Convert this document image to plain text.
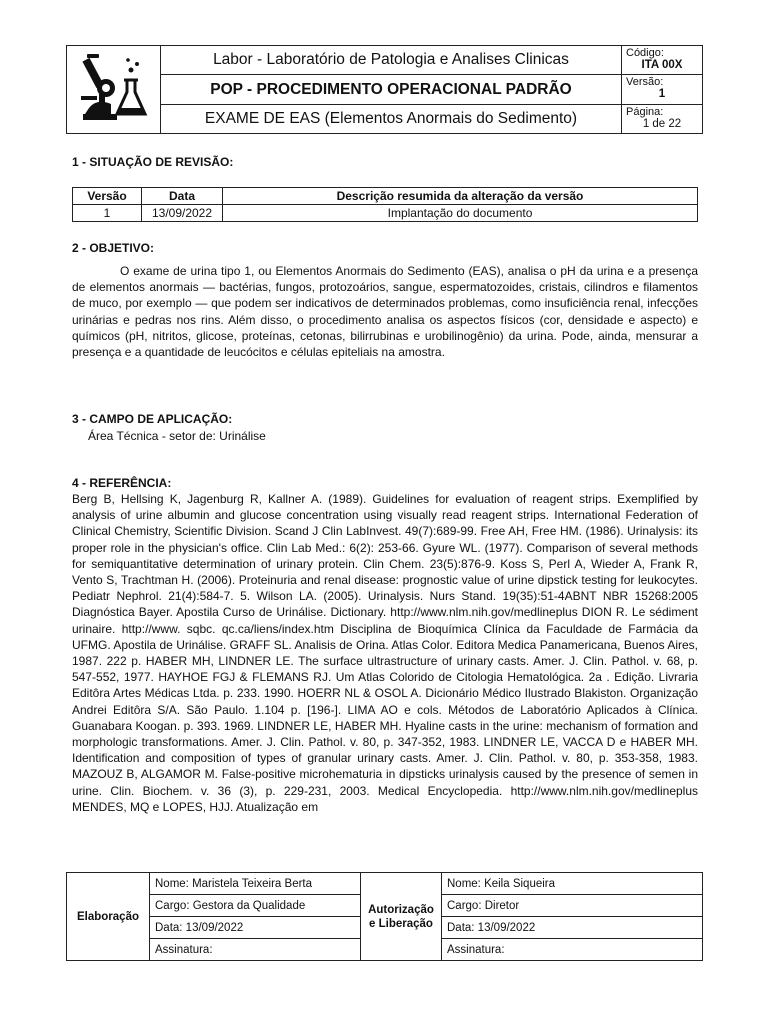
	Labor - Laboratório de Patologia e Analises Clinicas	Código:
ITA 00X

	POP - PROCEDIMENTO OPERACIONAL PADRÃO	Versão:
1

	EXAME DE EAS (Elementos Anormais do Sedimento)	Página:
1 de 22
1 - SITUAÇÃO DE REVISÃO:
Versão	Data	Descrição resumida da alteração da versão
1	13/09/2022	Implantação do documento
2 - OBJETIVO:
O exame de urina tipo 1, ou Elementos Anormais do Sedimento (EAS), analisa o pH da urina e a presença de elementos anormais — bactérias, fungos, protozoários, sangue, espermatozoides, cristais, cilindros e filamentos de muco, por exemplo — que podem ser indicativos de determinados problemas, como insuficiência renal, infecções urinárias e pedras nos rins. Além disso, o procedimento analisa os aspectos físicos (cor, densidade e aspecto) e químicos (pH, nitritos, glicose, proteínas, cetonas, bilirrubinas e urobilinogênio) da urina. Pode, ainda, mensurar a presença e a quantidade de leucócitos e células epiteliais na amostra.
3 - CAMPO DE APLICAÇÃO:
Área Técnica - setor de: Urinálise
4 - REFERÊNCIA:
Berg B, Hellsing K, Jagenburg R, Kallner A. (1989). Guidelines for evaluation of reagent strips. Exemplified by analysis of urine albumin and glucose concentration using visually read reagent strips. International Federation of Clinical Chemistry, Scientific Division. Scand J Clin LabInvest. 49(7):689-99. Free AH, Free HM. (1986). Urinalysis: its proper role in the physician's office. Clin Lab Med.: 6(2): 253-66. Gyure WL. (1977). Comparison of several methods for semiquantitative determination of urinary protein. Clin Chem. 23(5):876-9. Koss S, Perl A, Wieder A, Frank R, Vento S, Trachtman H. (2006). Proteinuria and renal disease: prognostic value of urine dipstick testing for leukocytes. Pediatr Nephrol. 21(4):584-7. 5. Wilson LA. (2005). Urinalysis. Nurs Stand. 19(35):51-4ABNT NBR 15268:2005 Diagnóstica Bayer. Apostila Curso de Urinálise. Dictionary. http://www.nlm.nih.gov/medlineplus DION R. Le sédiment urinaire. http://www. sqbc. qc.ca/liens/index.htm Disciplina de Bioquímica Clínica da Faculdade de Farmácia da UFMG. Apostila de Urinálise. GRAFF SL. Analisis de Orina. Atlas Color. Editora Medica Panamericana, Buenos Aires, 1987. 222 p. HABER MH, LINDNER LE. The surface ultrastructure of urinary casts. Amer. J. Clin. Pathol. v. 68, p. 547-552, 1977. HAYHOE FGJ & FLEMANS RJ. Um Atlas Colorido de Citologia Hematológica. 2a . Edição. Livraria Editôra Artes Médicas Ltda. p. 233. 1990. HOERR NL & OSOL A. Dicionário Médico Ilustrado Blakiston. Organização Andrei Editôra S/A. São Paulo. 1.104 p. [196-]. LIMA AO e cols. Métodos de Laboratório Aplicados à Clínica. Guanabara Koogan. p. 393. 1969. LINDNER LE, HABER MH. Hyaline casts in the urine: mechanism of formation and morphologic transformations. Amer. J. Clin. Pathol. v. 80, p. 347-352, 1983. LINDNER LE, VACCA D e HABER MH. Identification and composition of types of granular urinary casts. Amer. J. Clin. Pathol. v. 80, p. 353-358, 1983. MAZOUZ B, ALGAMOR M. False-positive microhematuria in dipsticks urinalysis caused by the presence of semen in urine. Clin. Biochem. v. 36 (3), p. 229-231, 2003. Medical Encyclopedia. http://www.nlm.nih.gov/medlineplus MENDES, MQ e LOPES, HJJ. Atualização em
Elaboração	Nome: Maristela Teixeira Berta	Autorização e Liberação	Nome: Keila Siqueira
	Cargo: Gestora da Qualidade		Cargo: Diretor
	Data: 13/09/2022		Data: 13/09/2022
	Assinatura:		Assinatura:
